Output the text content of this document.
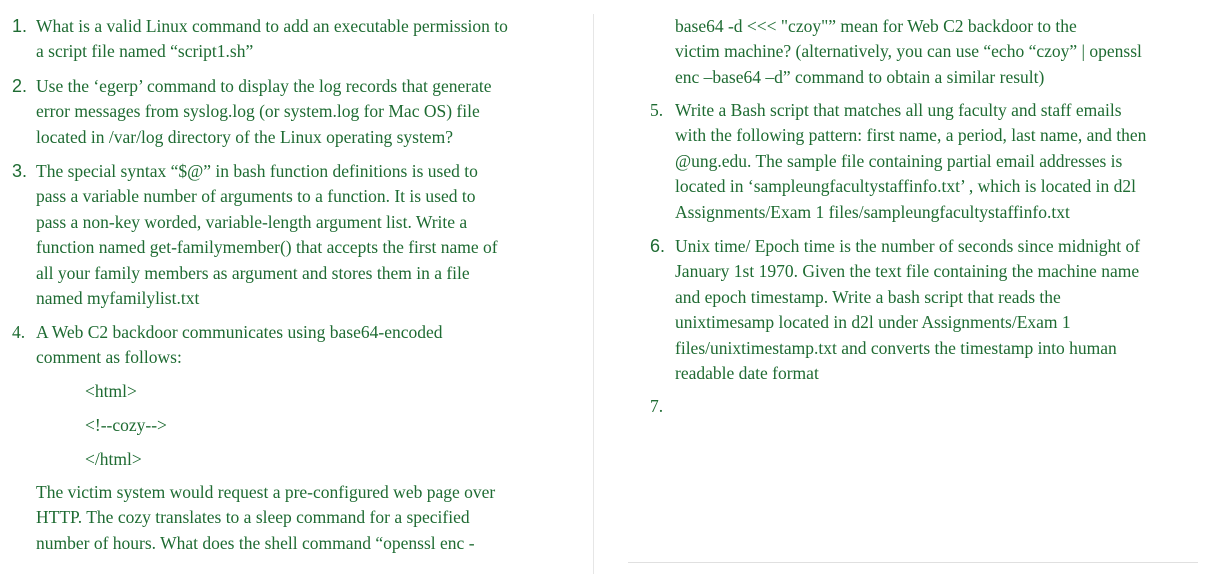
1. What is a valid Linux command to add an executable permission to
a script file named “script1.sh”
2. Use the ‘egerp’ command to display the log records that generate
error messages from syslog.log (or system.log for Mac OS) file
located in /var/log directory of the Linux operating system?
3. The special syntax “$@” in bash function definitions is used to
pass a variable number of arguments to a function. It is used to
pass a non-key worded, variable-length argument list. Write a
function named get-familymember() that accepts the first name of
all your family members as argument and stores them in a file
named myfamilylist.txt
4. A Web C2 backdoor communicates using base64-encoded
comment as follows:
<html>
<!--cozy-->
</html>
The victim system would request a pre-configured web page over
HTTP. The cozy translates to a sleep command for a specified
number of hours. What does the shell command “openssl enc -
base64 -d <<< "czoy"” mean for Web C2 backdoor to the
victim machine? (alternatively, you can use “echo “czoy” | openssl
enc –base64 –d” command to obtain a similar result)
5. Write a Bash script that matches all ung faculty and staff emails
with the following pattern: first name, a period, last name, and then
@ung.edu. The sample file containing partial email addresses is
located in ‘sampleungfacultystaffinfo.txt’ , which is located in d2l
Assignments/Exam 1 files/sampleungfacultystaffinfo.txt
6. Unix time/ Epoch time is the number of seconds since midnight of
January 1st 1970. Given the text file containing the machine name
and epoch timestamp. Write a bash script that reads the
unixtimesamp located in d2l under Assignments/Exam 1
files/unixtimestamp.txt and converts the timestamp into human
readable date format
7.
